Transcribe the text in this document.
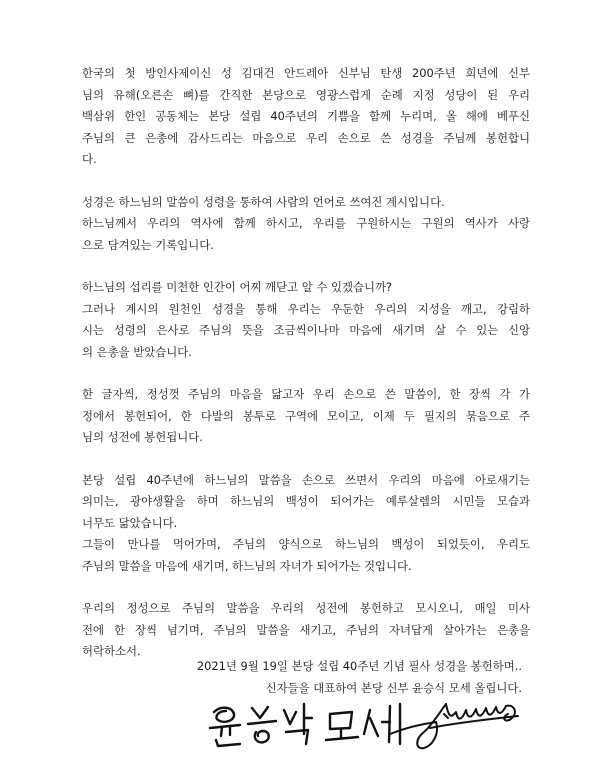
한국의 첫 방인사제이신 성 김대건 안드레아 신부님 탄생 200주년 희년에 신부
님의 유해(오른손 뼈)를 간직한 본당으로 영광스럽게 순례 지정 성당이 된 우리
백삼위 한인 공동체는 본당 설립 40주년의 기쁨을 함께 누리며, 올 해에 베푸신
주님의 큰 은총에 감사드리는 마음으로 우리 손으로 쓴 성경을 주님께 봉헌합니
다.
성경은 하느님의 말씀이 성령을 통하여 사람의 언어로 쓰여진 계시입니다.
하느님께서 우리의 역사에 함께 하시고, 우리를 구원하시는 구원의 역사가 사랑
으로 담겨있는 기록입니다.
하느님의 섭리를 미천한 인간이 어찌 깨닫고 알 수 있겠습니까?
그러나 계시의 원천인 성경을 통해 우리는 우둔한 우리의 지성을 깨고, 강림하
시는 성령의 은사로 주님의 뜻을 조금씩이나마 마음에 새기며 살 수 있는 신앙
의 은총을 받았습니다.
한 글자씩, 정성껏 주님의 마음을 닮고자 우리 손으로 쓴 말씀이, 한 장씩 각 가
정에서 봉헌되어, 한 다발의 봉투로 구역에 모이고, 이제 두 필지의 묶음으로 주
님의 성전에 봉헌됩니다.
본당 설립 40주년에 하느님의 말씀을 손으로 쓰면서 우리의 마음에 아로새기는
의미는, 광야생활을 하며 하느님의 백성이 되어가는 예루살렘의 시민들 모습과
너무도 닮았습니다.
그들이 만나를 먹어가며, 주님의 양식으로 하느님의 백성이 되었듯이, 우리도
주님의 말씀을 마음에 새기며, 하느님의 자녀가 되어가는 것입니다.
우리의 정성으로 주님의 말씀을 우리의 성전에 봉헌하고 모시오니, 매일 미사
전에 한 장씩 넘기며, 주님의 말씀을 새기고, 주님의 자녀답게 살아가는 은총을
허락하소서.
2021년 9월 19일 본당 설립 40주년 기념 필사 성경을 봉헌하며..
신자들을 대표하여 본당 신부 윤승식 모세 올립니다.
